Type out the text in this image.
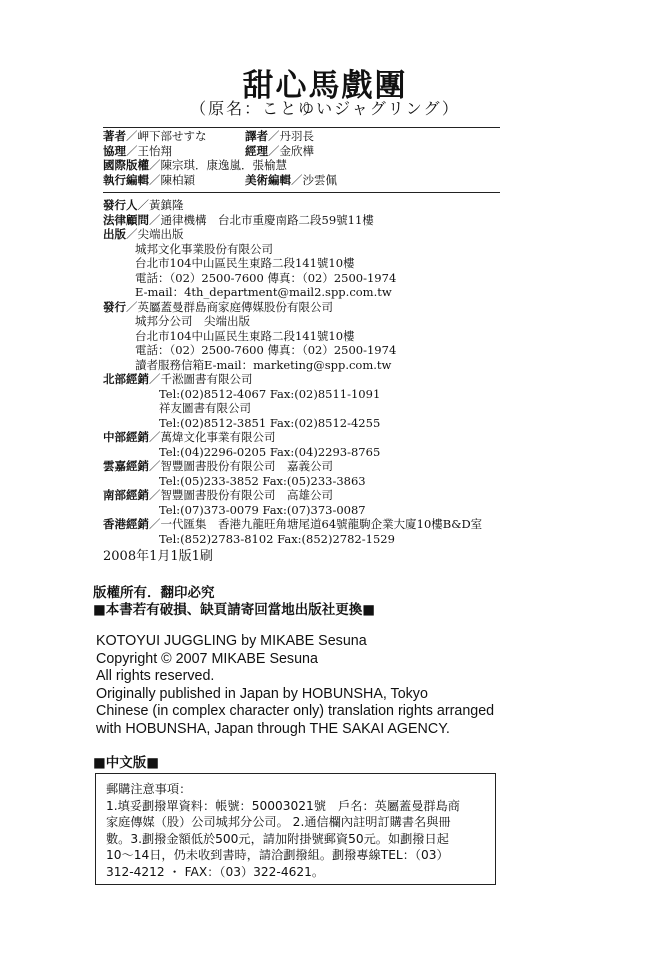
甜心馬戲團
（原名：ことゆいジャグリング）
著者／岬下部せすな	譯者／丹羽長
協理／王怡翔	經理／金欣樺
國際版權／陳宗琪．康逸嵐．張榆慧
執行編輯／陳柏穎	美術編輯／沙雲佩
發行人／黃鎮隆
法律顧問／通律機構　台北市重慶南路二段59號11樓
出版／尖端出版
城邦文化事業股份有限公司
台北市104中山區民生東路二段141號10樓
電話：（02）2500-7600 傳真：（02）2500-1974
E-mail：4th_department@mail2.spp.com.tw
發行／英屬蓋曼群島商家庭傳媒股份有限公司
城邦分公司　尖端出版
台北市104中山區民生東路二段141號10樓
電話：（02）2500-7600 傳真：（02）2500-1974
讀者服務信箱E-mail：marketing@spp.com.tw
北部經銷／千淞圖書有限公司
Tel:(02)8512-4067 Fax:(02)8511-1091
祥友圖書有限公司
Tel:(02)8512-3851 Fax:(02)8512-4255
中部經銷／萬煒文化事業有限公司
Tel:(04)2296-0205 Fax:(04)2293-8765
雲嘉經銷／智豐圖書股份有限公司　嘉義公司
Tel:(05)233-3852 Fax:(05)233-3863
南部經銷／智豐圖書股份有限公司　高雄公司
Tel:(07)373-0079 Fax:(07)373-0087
香港經銷／一代匯集　香港九龍旺角塘尾道64號龍駒企業大廈10樓B&D室
Tel:(852)2783-8102 Fax:(852)2782-1529
2008年1月1版1刷
版權所有．翻印必究
■本書若有破損、缺頁請寄回當地出版社更換■
KOTOYUI JUGGLING by MIKABE Sesuna
Copyright © 2007 MIKABE Sesuna
All rights reserved.
Originally published in Japan by HOBUNSHA, Tokyo
Chinese (in complex character only) translation rights arranged
with HOBUNSHA, Japan through THE SAKAI AGENCY.
■中文版■
郵購注意事項：
1.填妥劃撥單資料：帳號：50003021號　戶名：英屬蓋曼群島商
家庭傳媒（股）公司城邦分公司。 2.通信欄內註明訂購書名與冊
數。3.劃撥金額低於500元，請加附掛號郵資50元。如劃撥日起
10～14日，仍未收到書時，請洽劃撥組。劃撥專線TEL：（03）
312-4212 ・ FAX：（03）322-4621。
